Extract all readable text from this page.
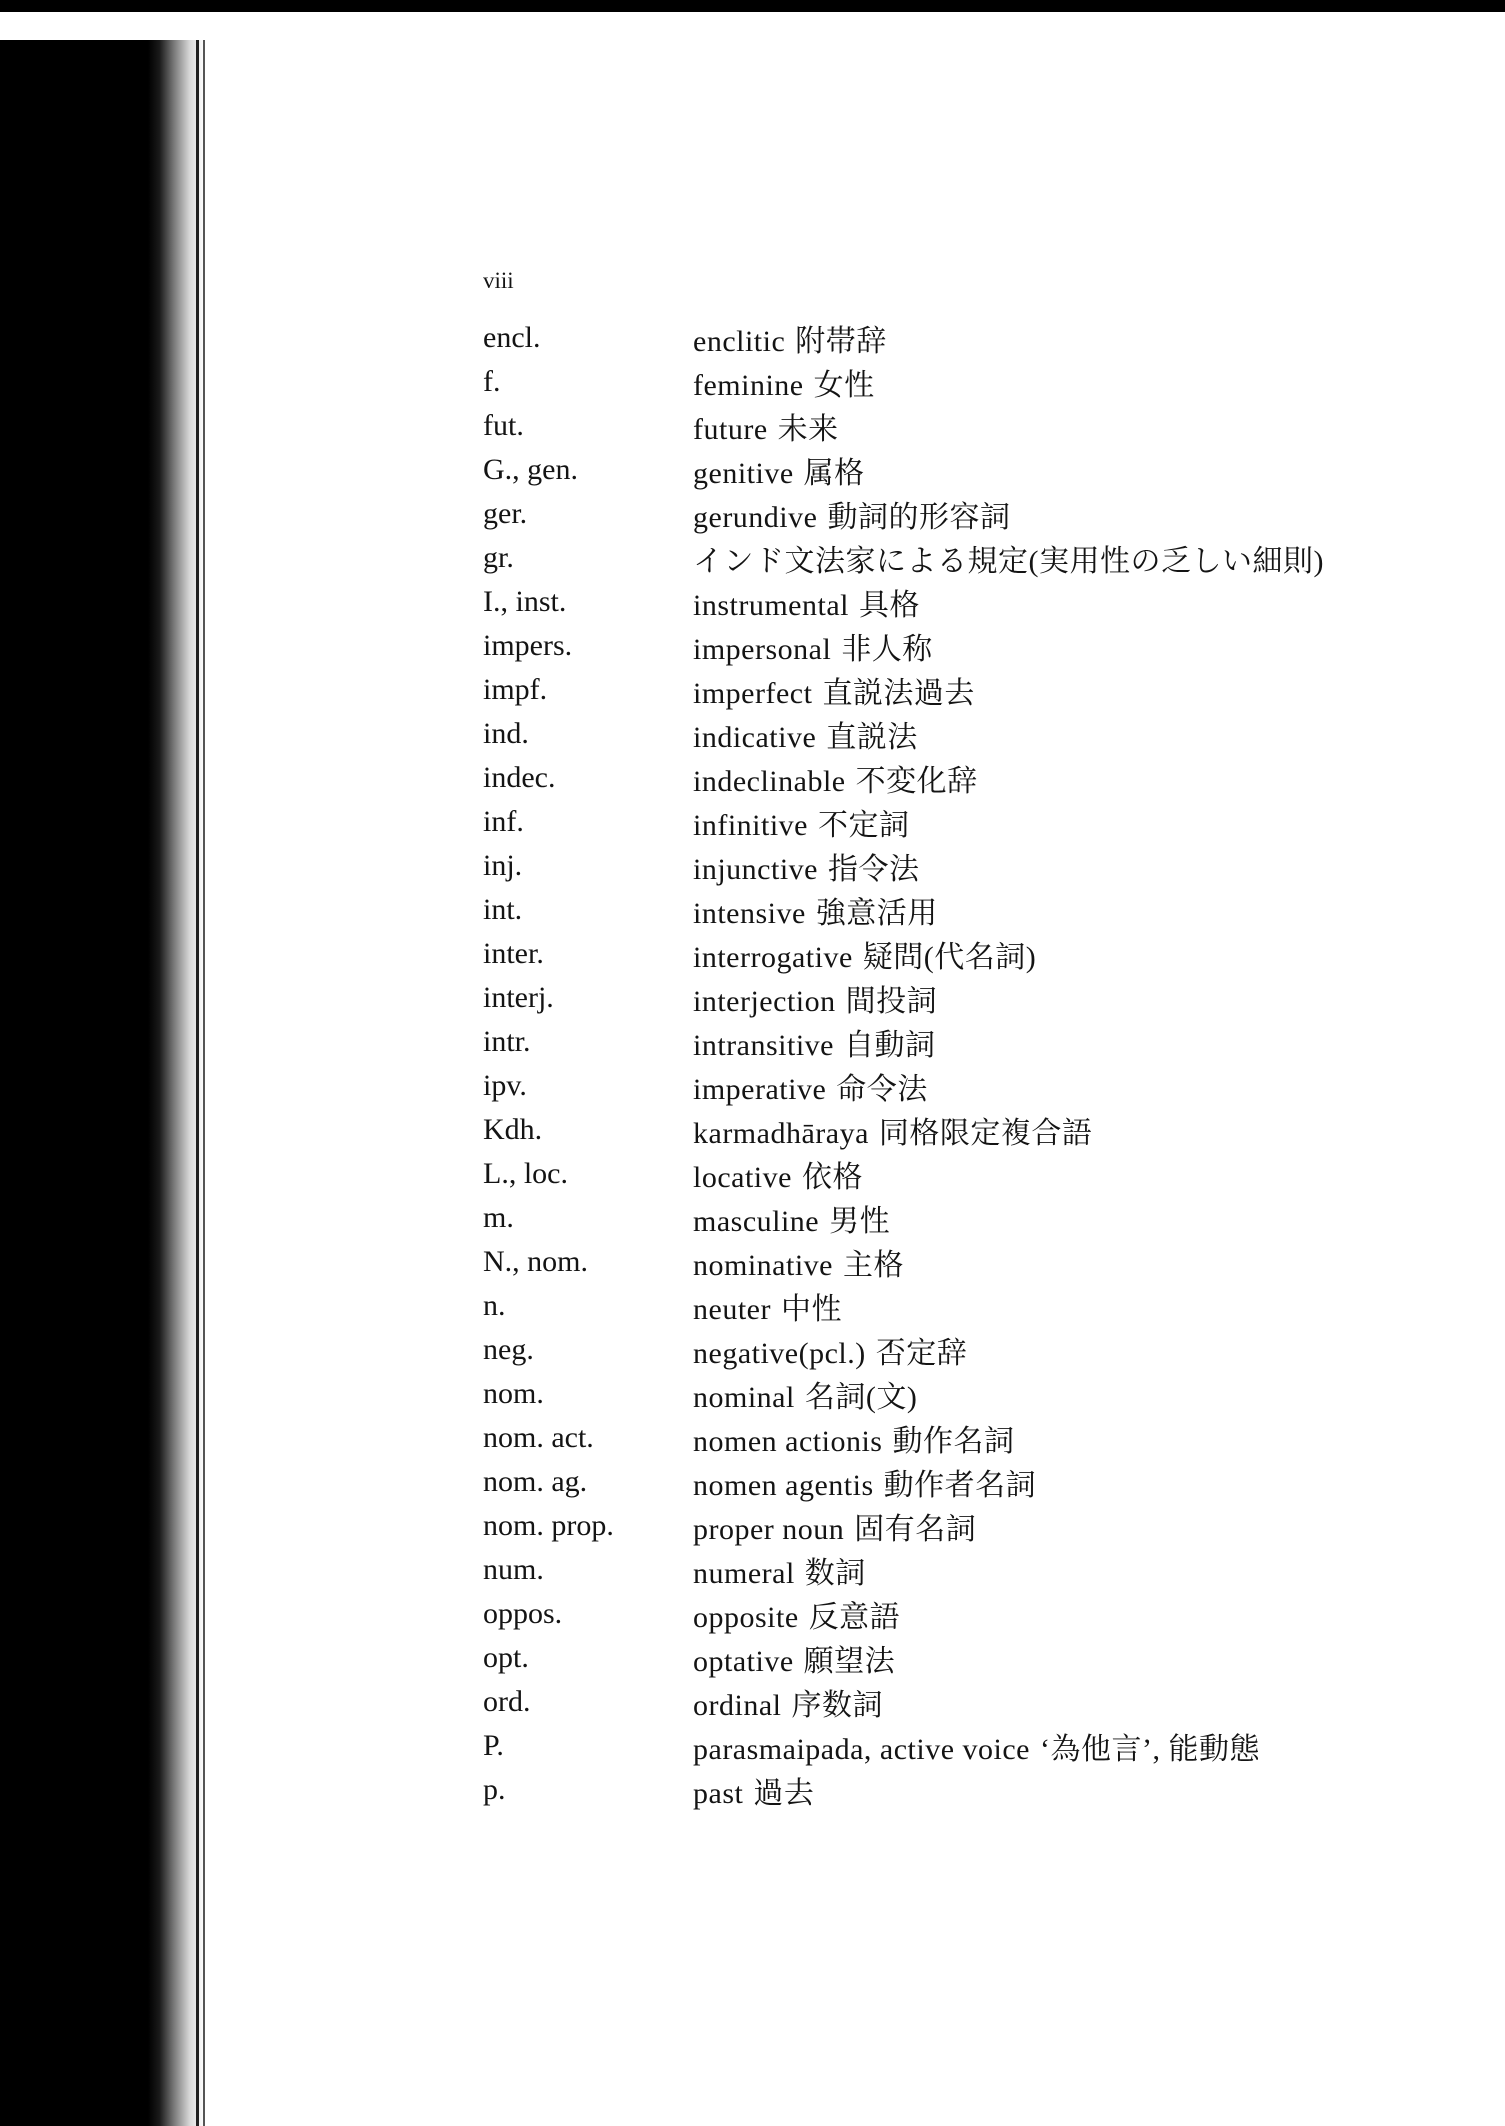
viii
encl.	enclitic 附帯辞
f.	feminine 女性
fut.	future 未来
G., gen.	genitive 属格
ger.	gerundive 動詞的形容詞
gr.	インド文法家による規定(実用性の乏しい細則)
I., inst.	instrumental 具格
impers.	impersonal 非人称
impf.	imperfect 直説法過去
ind.	indicative 直説法
indec.	indeclinable 不変化辞
inf.	infinitive 不定詞
inj.	injunctive 指令法
int.	intensive 強意活用
inter.	interrogative 疑問(代名詞)
interj.	interjection 間投詞
intr.	intransitive 自動詞
ipv.	imperative 命令法
Kdh.	karmadhāraya 同格限定複合語
L., loc.	locative 依格
m.	masculine 男性
N., nom.	nominative 主格
n.	neuter 中性
neg.	negative(pcl.) 否定辞
nom.	nominal 名詞(文)
nom. act.	nomen actionis 動作名詞
nom. ag.	nomen agentis 動作者名詞
nom. prop.	proper noun 固有名詞
num.	numeral 数詞
oppos.	opposite 反意語
opt.	optative 願望法
ord.	ordinal 序数詞
P.	parasmaipada, active voice ‘為他言’, 能動態
p.	past 過去
